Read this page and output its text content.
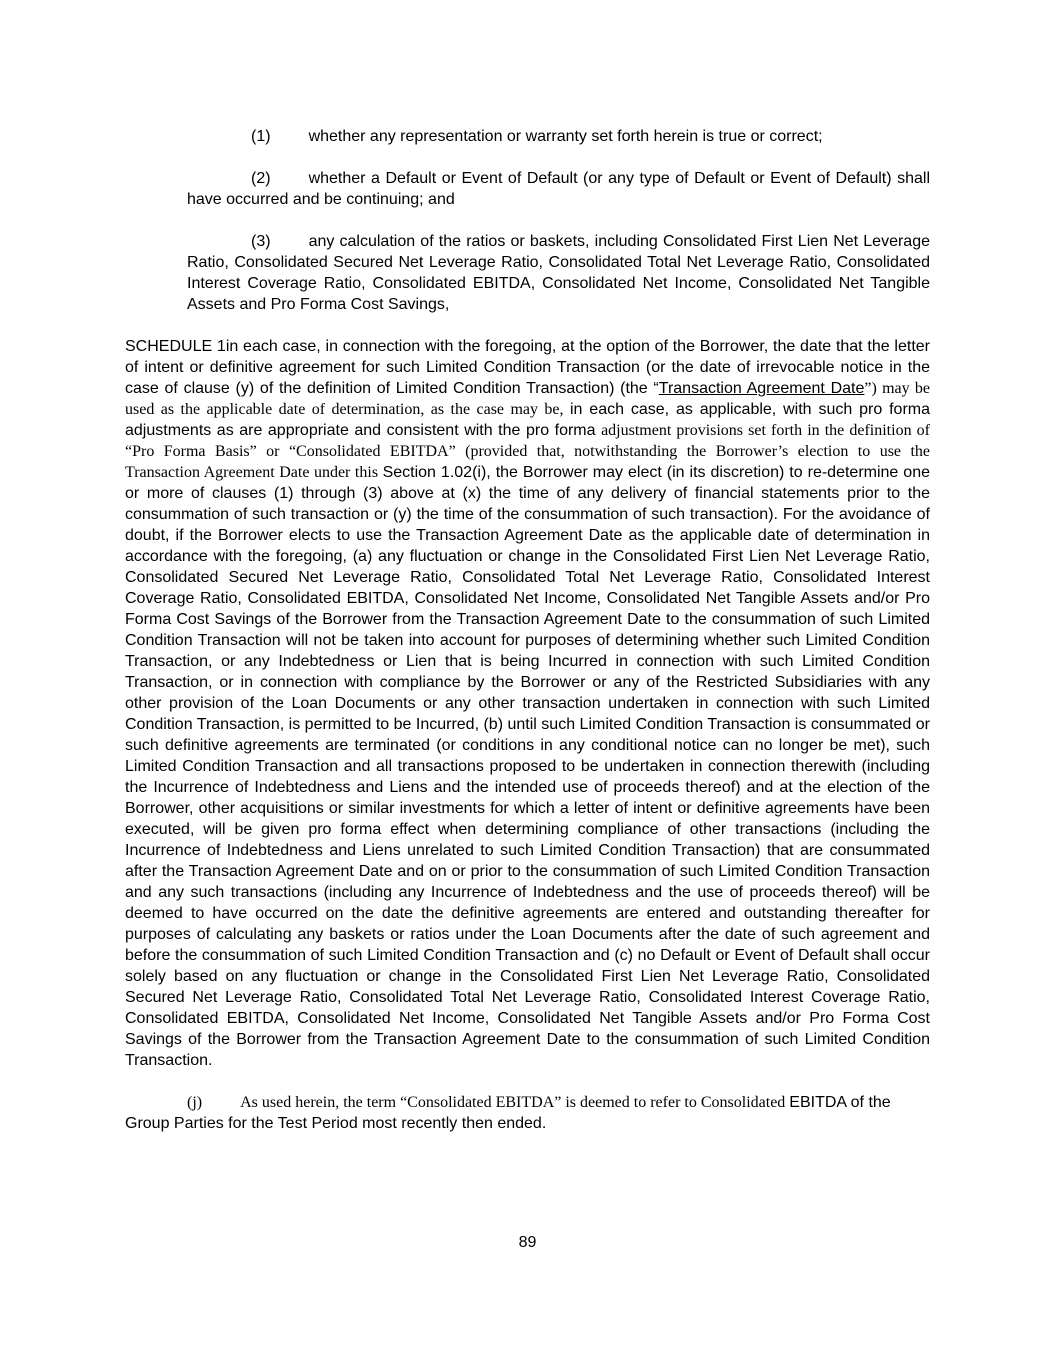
(1) whether any representation or warranty set forth herein is true or correct;

(2) whether a Default or Event of Default (or any type of Default or Event of Default) shall have occurred and be continuing; and

(3) any calculation of the ratios or baskets, including Consolidated First Lien Net Leverage Ratio, Consolidated Secured Net Leverage Ratio, Consolidated Total Net Leverage Ratio, Consolidated Interest Coverage Ratio, Consolidated EBITDA, Consolidated Net Income, Consolidated Net Tangible Assets and Pro Forma Cost Savings,

SCHEDULE 1in each case, in connection with the foregoing, at the option of the Borrower, the date that the letter of intent or definitive agreement for such Limited Condition Transaction (or the date of irrevocable notice in the case of clause (y) of the definition of Limited Condition Transaction) (the “Transaction Agreement Date”) may be used as the applicable date of determination, as the case may be, in each case, as applicable, with such pro forma adjustments as are appropriate and consistent with the pro forma adjustment provisions set forth in the definition of “Pro Forma Basis” or “Consolidated EBITDA” (provided that, notwithstanding the Borrower’s election to use the Transaction Agreement Date under this Section 1.02(i), the Borrower may elect (in its discretion) to re-determine one or more of clauses (1) through (3) above at (x) the time of any delivery of financial statements prior to the consummation of such transaction or (y) the time of the consummation of such transaction). For the avoidance of doubt, if the Borrower elects to use the Transaction Agreement Date as the applicable date of determination in accordance with the foregoing, (a) any fluctuation or change in the Consolidated First Lien Net Leverage Ratio, Consolidated Secured Net Leverage Ratio, Consolidated Total Net Leverage Ratio, Consolidated Interest Coverage Ratio, Consolidated EBITDA, Consolidated Net Income, Consolidated Net Tangible Assets and/or Pro Forma Cost Savings of the Borrower from the Transaction Agreement Date to the consummation of such Limited Condition Transaction will not be taken into account for purposes of determining whether such Limited Condition Transaction, or any Indebtedness or Lien that is being Incurred in connection with such Limited Condition Transaction, or in connection with compliance by the Borrower or any of the Restricted Subsidiaries with any other provision of the Loan Documents or any other transaction undertaken in connection with such Limited Condition Transaction, is permitted to be Incurred, (b) until such Limited Condition Transaction is consummated or such definitive agreements are terminated (or conditions in any conditional notice can no longer be met), such Limited Condition Transaction and all transactions proposed to be undertaken in connection therewith (including the Incurrence of Indebtedness and Liens and the intended use of proceeds thereof) and at the election of the Borrower, other acquisitions or similar investments for which a letter of intent or definitive agreements have been executed, will be given pro forma effect when determining compliance of other transactions (including the Incurrence of Indebtedness and Liens unrelated to such Limited Condition Transaction) that are consummated after the Transaction Agreement Date and on or prior to the consummation of such Limited Condition Transaction and any such transactions (including any Incurrence of Indebtedness and the use of proceeds thereof) will be deemed to have occurred on the date the definitive agreements are entered and outstanding thereafter for purposes of calculating any baskets or ratios under the Loan Documents after the date of such agreement and before the consummation of such Limited Condition Transaction and (c) no Default or Event of Default shall occur solely based on any fluctuation or change in the Consolidated First Lien Net Leverage Ratio, Consolidated Secured Net Leverage Ratio, Consolidated Total Net Leverage Ratio, Consolidated Interest Coverage Ratio, Consolidated EBITDA, Consolidated Net Income, Consolidated Net Tangible Assets and/or Pro Forma Cost Savings of the Borrower from the Transaction Agreement Date to the consummation of such Limited Condition Transaction.

(j) As used herein, the term “Consolidated EBITDA” is deemed to refer to Consolidated EBITDA of the Group Parties for the Test Period most recently then ended.

89
